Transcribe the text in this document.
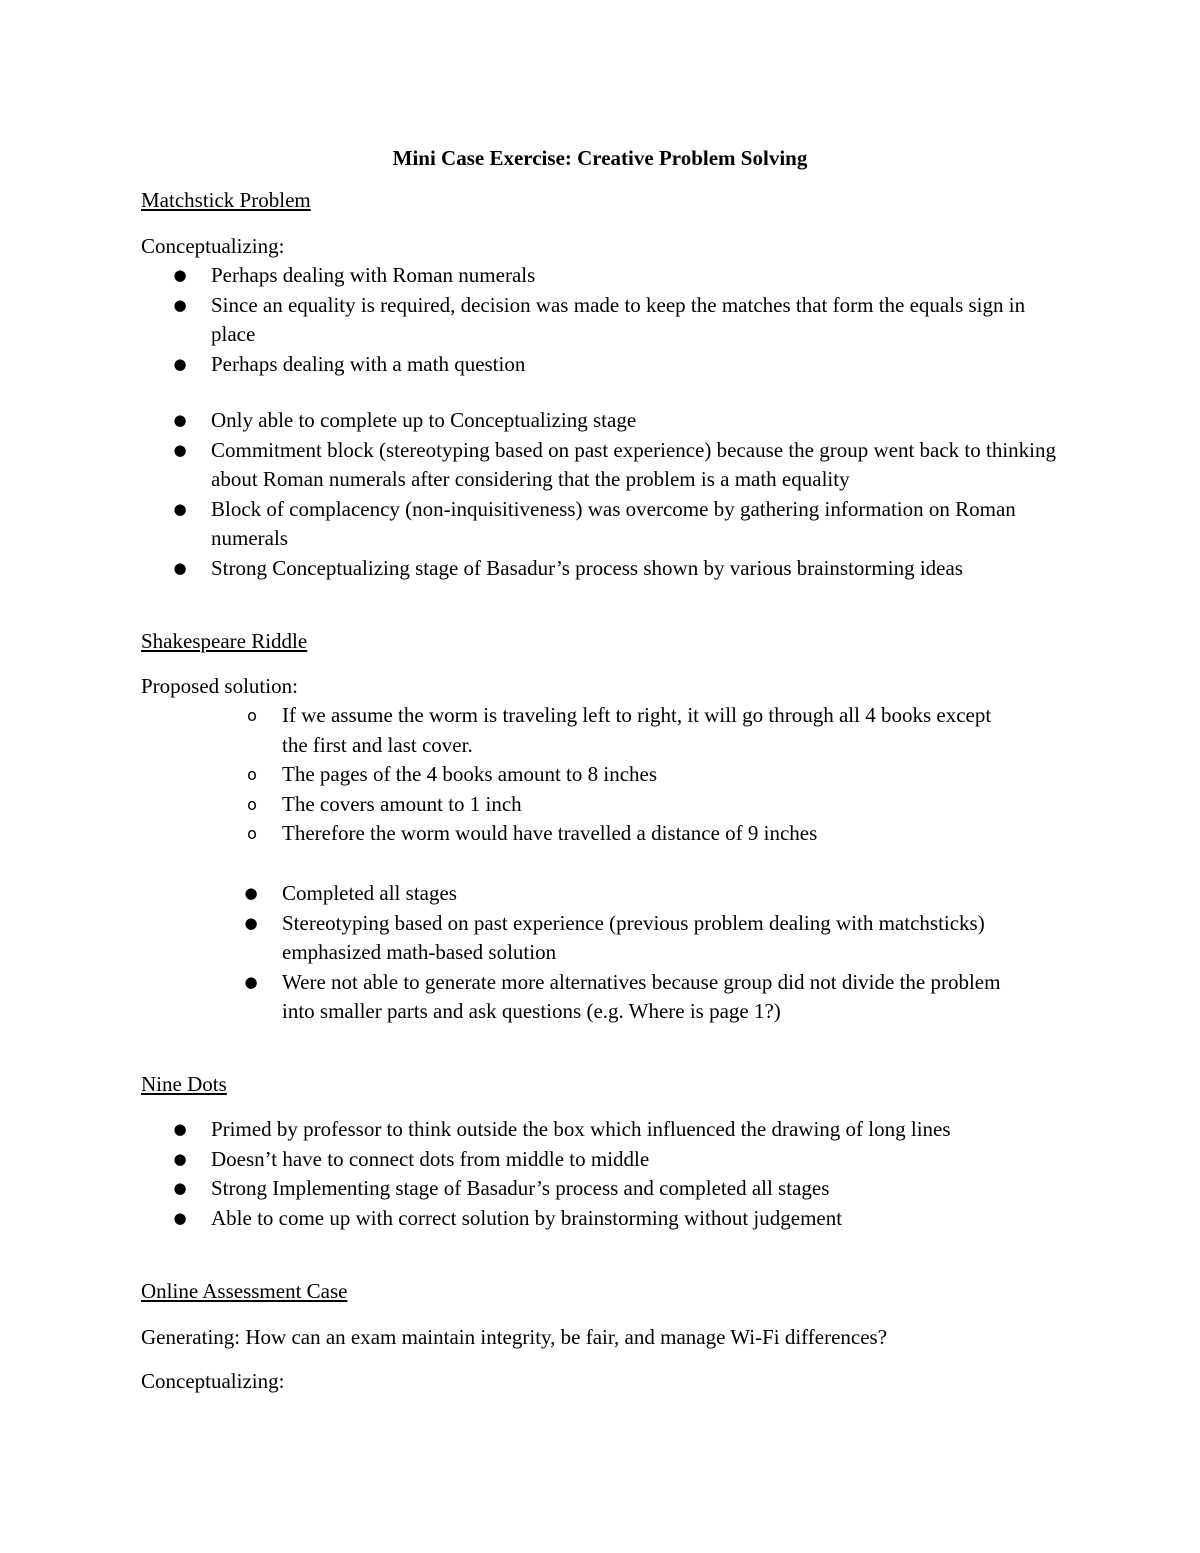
Mini Case Exercise: Creative Problem Solving
Matchstick Problem
Conceptualizing:
● Perhaps dealing with Roman numerals
● Since an equality is required, decision was made to keep the matches that form the equals sign in place
● Perhaps dealing with a math question
● Only able to complete up to Conceptualizing stage
● Commitment block (stereotyping based on past experience) because the group went back to thinking about Roman numerals after considering that the problem is a math equality
● Block of complacency (non-inquisitiveness) was overcome by gathering information on Roman numerals
● Strong Conceptualizing stage of Basadur’s process shown by various brainstorming ideas
Shakespeare Riddle
Proposed solution:
o If we assume the worm is traveling left to right, it will go through all 4 books except the first and last cover.
o The pages of the 4 books amount to 8 inches
o The covers amount to 1 inch
o Therefore the worm would have travelled a distance of 9 inches
● Completed all stages
● Stereotyping based on past experience (previous problem dealing with matchsticks) emphasized math-based solution
● Were not able to generate more alternatives because group did not divide the problem into smaller parts and ask questions (e.g. Where is page 1?)
Nine Dots
● Primed by professor to think outside the box which influenced the drawing of long lines
● Doesn’t have to connect dots from middle to middle
● Strong Implementing stage of Basadur’s process and completed all stages
● Able to come up with correct solution by brainstorming without judgement
Online Assessment Case
Generating: How can an exam maintain integrity, be fair, and manage Wi-Fi differences?
Conceptualizing:
